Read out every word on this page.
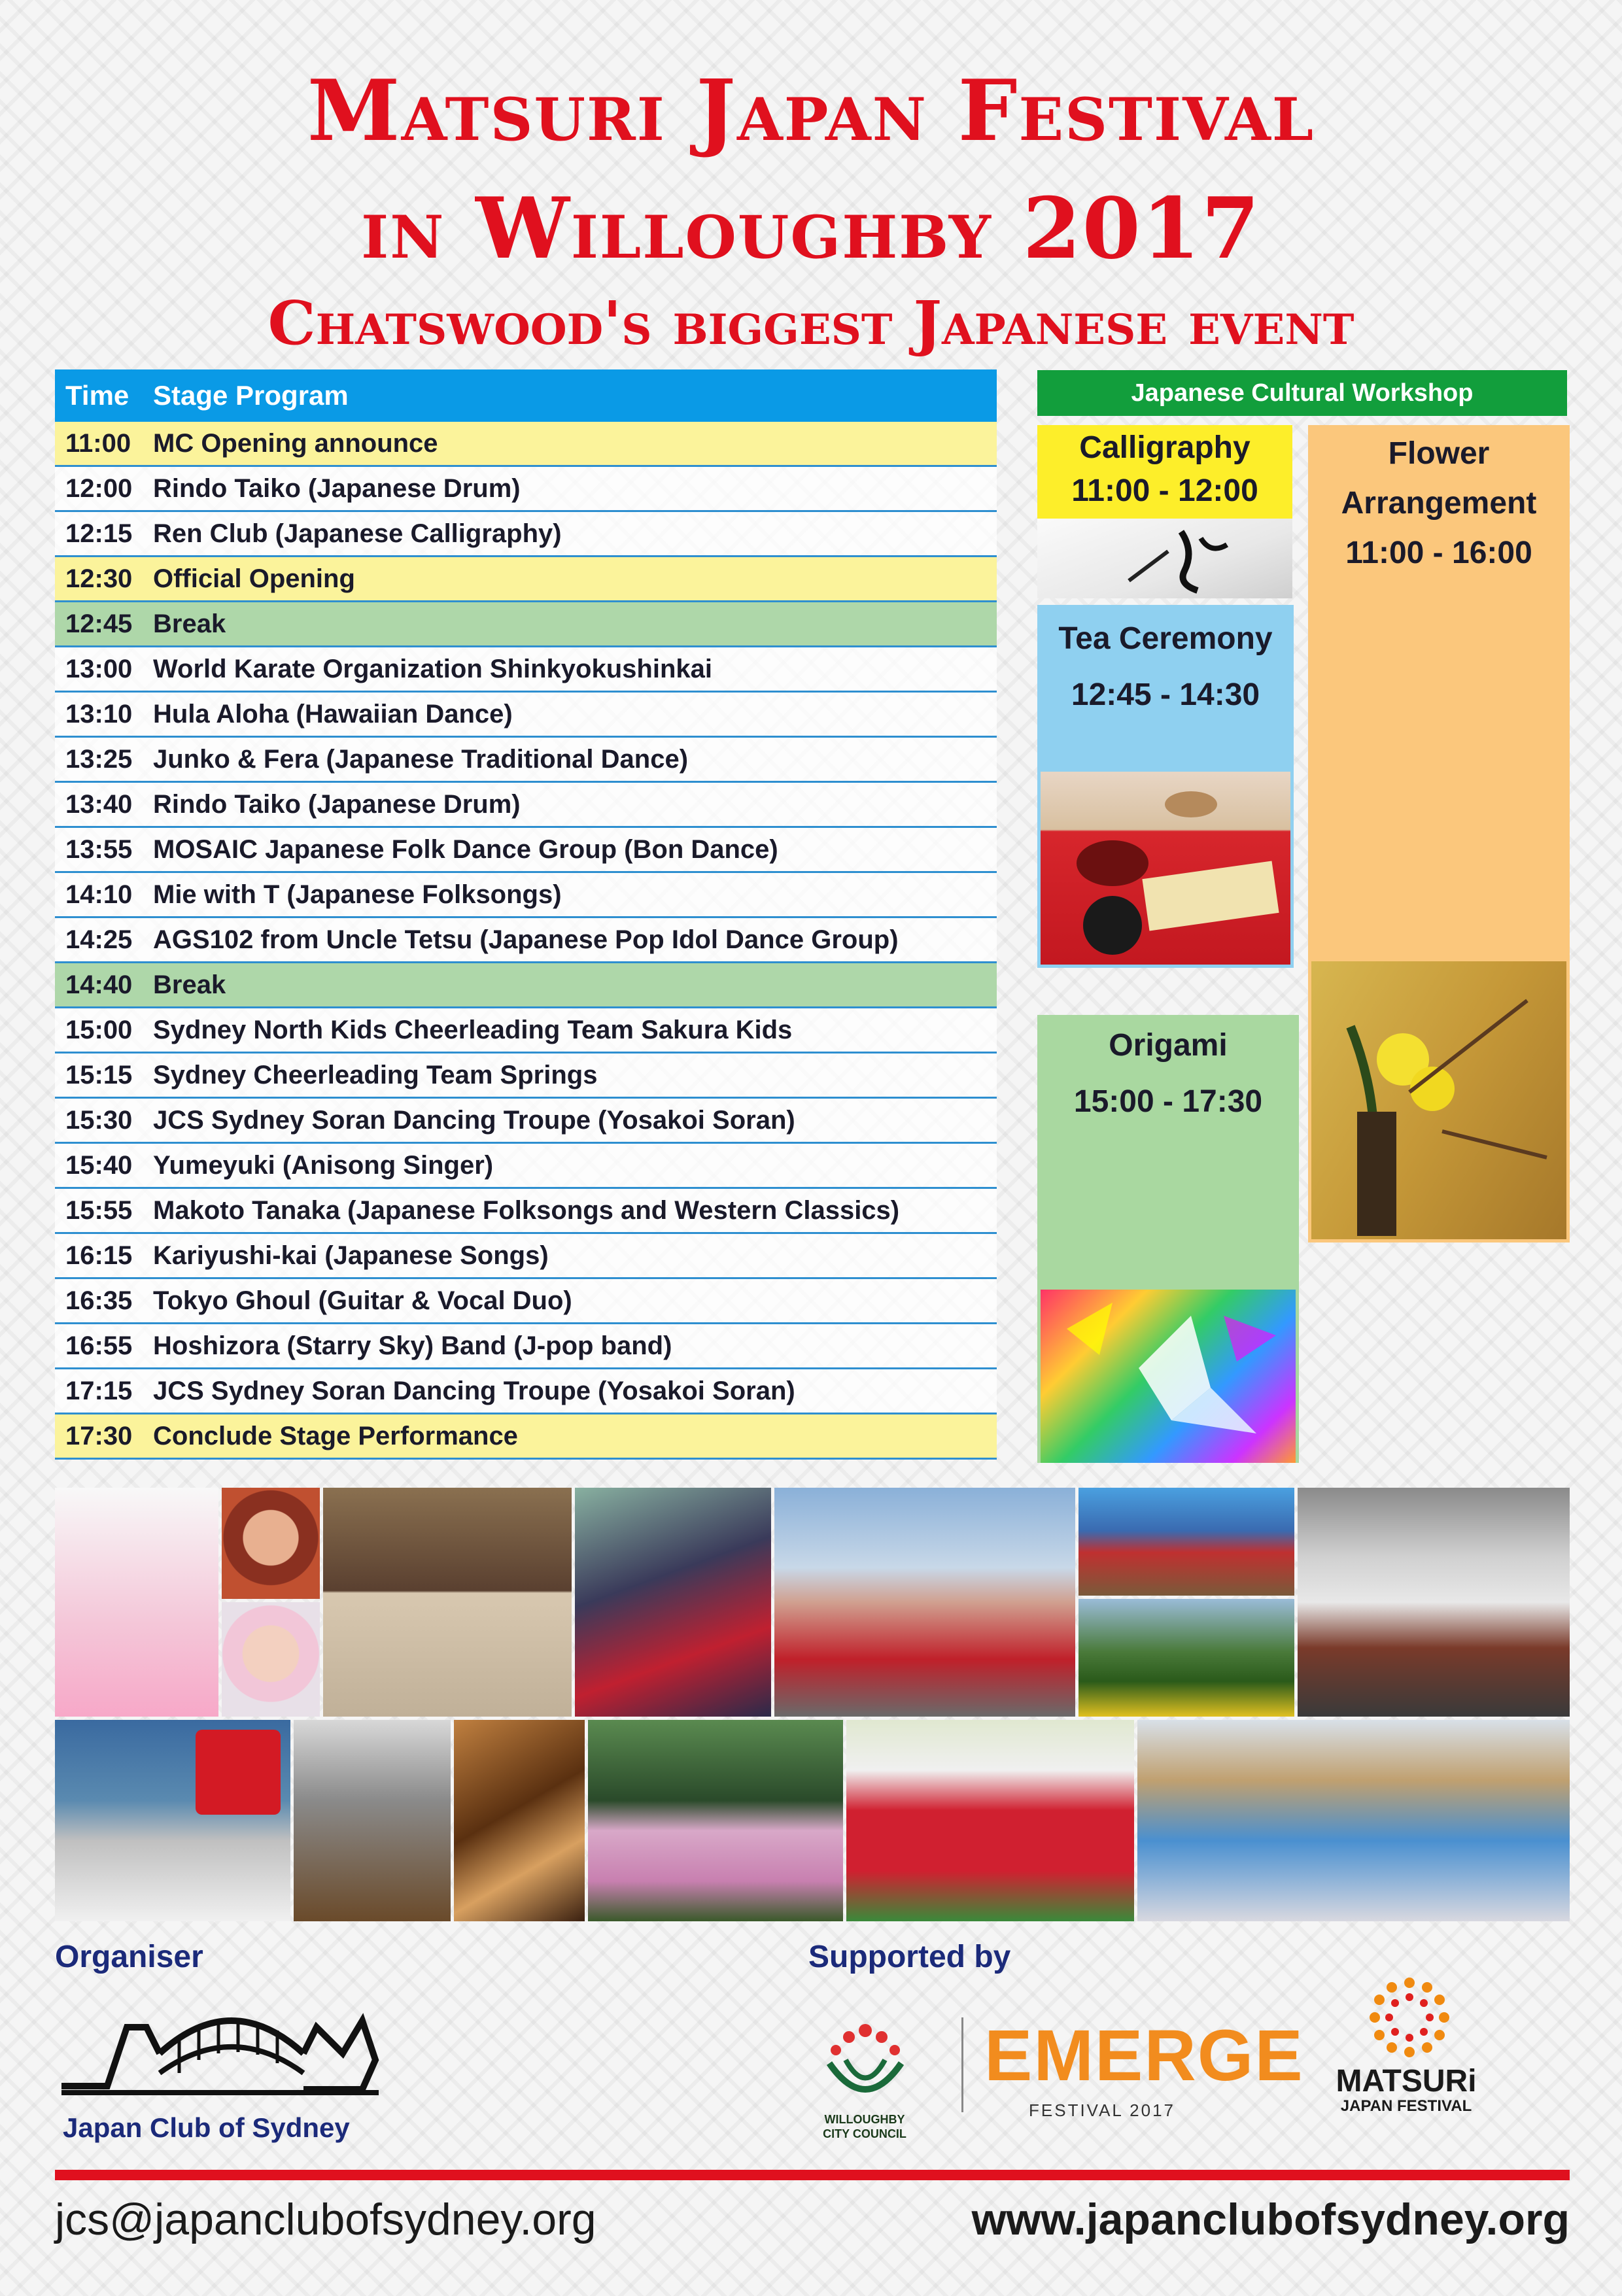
Matsuri Japan Festival
in Willoughby 2017
Chatswood's biggest Japanese event
Time Stage Program
11:00 MC Opening announce
12:00 Rindo Taiko (Japanese Drum)
12:15 Ren Club (Japanese Calligraphy)
12:30 Official Opening
12:45 Break
13:00 World Karate Organization Shinkyokushinkai
13:10 Hula Aloha (Hawaiian Dance)
13:25 Junko & Fera (Japanese Traditional Dance)
13:40 Rindo Taiko (Japanese Drum)
13:55 MOSAIC Japanese Folk Dance Group (Bon Dance)
14:10 Mie with T (Japanese Folksongs)
14:25 AGS102 from Uncle Tetsu (Japanese Pop Idol Dance Group)
14:40 Break
15:00 Sydney North Kids Cheerleading Team Sakura Kids
15:15 Sydney Cheerleading Team Springs
15:30 JCS Sydney Soran Dancing Troupe (Yosakoi Soran)
15:40 Yumeyuki (Anisong Singer)
15:55 Makoto Tanaka (Japanese Folksongs and Western Classics)
16:15 Kariyushi-kai (Japanese Songs)
16:35 Tokyo Ghoul (Guitar & Vocal Duo)
16:55 Hoshizora (Starry Sky) Band (J-pop band)
17:15 JCS Sydney Soran Dancing Troupe (Yosakoi Soran)
17:30 Conclude Stage Performance
Japanese Cultural Workshop
Calligraphy
11:00 - 12:00
Tea Ceremony
12:45 - 14:30
Origami
15:00 - 17:30
Flower
Arrangement
11:00 - 16:00
Organiser	Supported by
Japan Club of Sydney	WILLOUGHBY
CITY COUNCIL
EMERGE
FESTIVAL 2017
MATSURi
JAPAN FESTIVAL
jcs@japanclubofsydney.org	www.japanclubofsydney.org
